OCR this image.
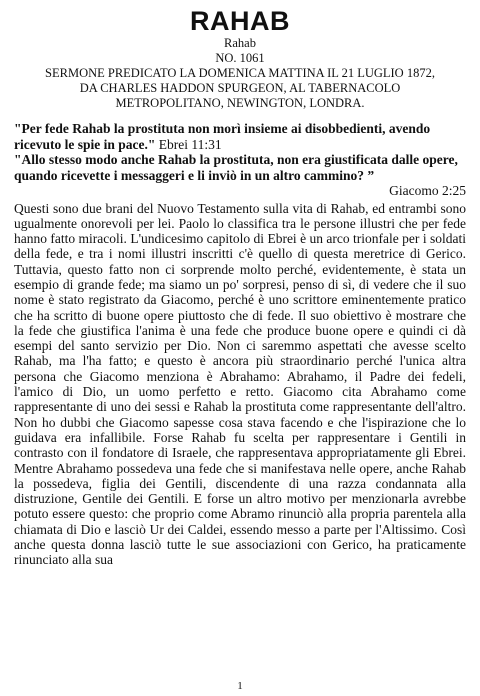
RAHAB

Rahab

NO. 1061

SERMONE PREDICATO LA DOMENICA MATTINA IL 21 LUGLIO 1872,

DA CHARLES HADDON SPURGEON, AL TABERNACOLO

METROPOLITANO, NEWINGTON, LONDRA.

"Per fede Rahab la prostituta non morì insieme ai disobbedienti, avendo ricevuto le spie in pace." Ebrei 11:31

"Allo stesso modo anche Rahab la prostituta, non era giustificata dalle opere, quando ricevette i messaggeri e li inviò in un altro cammino? ”

Giacomo 2:25

Questi sono due brani del Nuovo Testamento sulla vita di Rahab, ed entrambi sono ugualmente onorevoli per lei. Paolo lo classifica tra le persone illustri che per fede hanno fatto miracoli. L'undicesimo capitolo di Ebrei è un arco trionfale per i soldati della fede, e tra i nomi illustri inscritti c'è quello di questa meretrice di Gerico. Tuttavia, questo fatto non ci sorprende molto perché, evidentemente, è stata un esempio di grande fede; ma siamo un po' sorpresi, penso di sì, di vedere che il suo nome è stato registrato da Giacomo, perché è uno scrittore eminentemente pratico che ha scritto di buone opere piuttosto che di fede. Il suo obiettivo è mostrare che la fede che giustifica l'anima è una fede che produce buone opere e quindi ci dà esempi del santo servizio per Dio. Non ci saremmo aspettati che avesse scelto Rahab, ma l'ha fatto; e questo è ancora più straordinario perché l'unica altra persona che Giacomo menziona è Abrahamo: Abrahamo, il Padre dei fedeli, l'amico di Dio, un uomo perfetto e retto. Giacomo cita Abrahamo come rappresentante di uno dei sessi e Rahab la prostituta come rappresentante dell'altro. Non ho dubbi che Giacomo sapesse cosa stava facendo e che l'ispirazione che lo guidava era infallibile. Forse Rahab fu scelta per rappresentare i Gentili in contrasto con il fondatore di Israele, che rappresentava appropriatamente gli Ebrei. Mentre Abrahamo possedeva una fede che si manifestava nelle opere, anche Rahab la possedeva, figlia dei Gentili, discendente di una razza condannata alla distruzione, Gentile dei Gentili. E forse un altro motivo per menzionarla avrebbe potuto essere questo: che proprio come Abramo rinunciò alla propria parentela alla chiamata di Dio e lasciò Ur dei Caldei, essendo messo a parte per l'Altissimo. Così anche questa donna lasciò tutte le sue associazioni con Gerico, ha praticamente rinunciato alla sua

1
